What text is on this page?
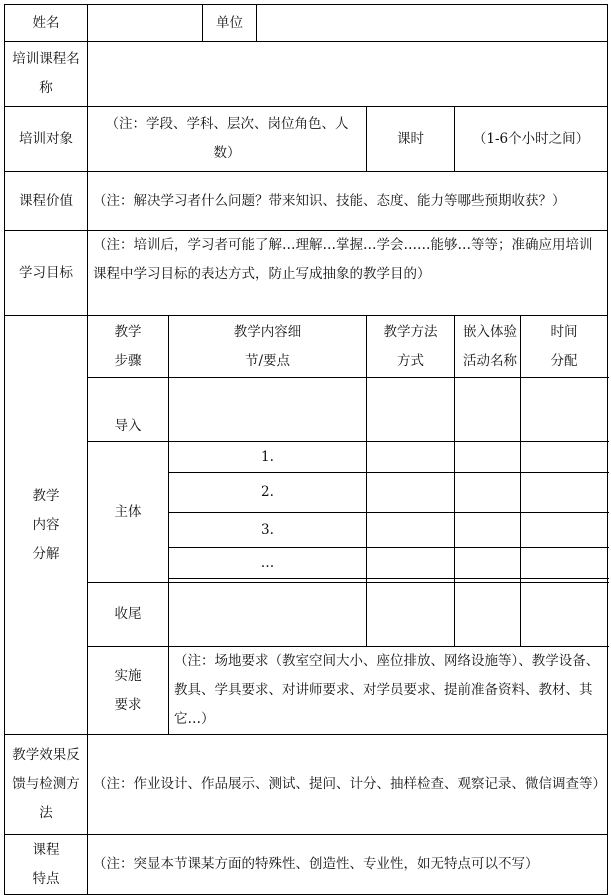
姓名			单位				
培训课程名称							
培训对象	（注：学段、学科、层次、岗位角色、人数）				课时	（1-6个小时之间）	
课程价值	（注：解决学习者什么问题？带来知识、技能、态度、能力等哪些预期收获？）						
学习目标	（注：培训后，学习者可能了解…理解…掌握…学会……能够…等等；准确应用培训课程中学习目标的表达方式，防止写成抽象的教学目的）						

教学内容分解	教学步骤	教学内容细节/要点			教学方法方式	嵌入体验活动名称	时间分配

	导入						
	主体	1.					
		2.					
		3.					
		…					

	收尾						

	实施要求	（注：场地要求（教室空间大小、座位排放、网络设施等）、教学设备、教具、学具要求、对讲师要求、对学员要求、提前准备资料、教材、其它…）					
教学效果反馈与检测方法	（注：作业设计、作品展示、测试、提问、计分、抽样检查、观察记录、微信调查等）						

课程特点	（注：突显本节课某方面的特殊性、创造性、专业性，如无特点可以不写）						
